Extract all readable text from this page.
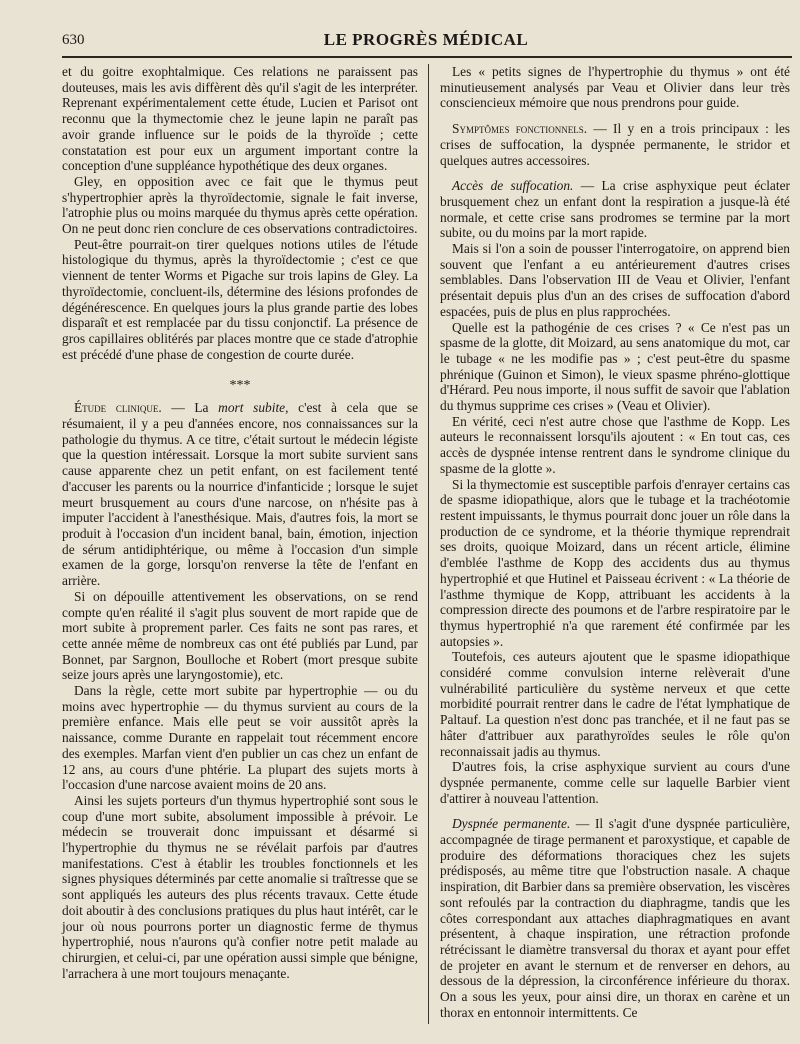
630	LE PROGRÈS MÉDICAL

et du goitre exophtalmique. Ces relations ne paraissent pas douteuses, mais les avis diffèrent dès qu'il s'agit de les interpréter. Reprenant expérimentalement cette étude, Lucien et Parisot ont reconnu que la thymectomie chez le jeune lapin ne paraît pas avoir grande influence sur le poids de la thyroïde ; cette constatation est pour eux un argument important contre la conception d'une suppléance hypothétique des deux organes.

Gley, en opposition avec ce fait que le thymus peut s'hypertrophier après la thyroïdectomie, signale le fait inverse, l'atrophie plus ou moins marquée du thymus après cette opération. On ne peut donc rien conclure de ces observations contradictoires.

Peut-être pourrait-on tirer quelques notions utiles de l'étude histologique du thymus, après la thyroïdectomie ; c'est ce que viennent de tenter Worms et Pigache sur trois lapins de Gley. La thyroïdectomie, concluent-ils, détermine des lésions profondes de dégénérescence. En quelques jours la plus grande partie des lobes disparaît et est remplacée par du tissu conjonctif. La présence de gros capillaires oblitérés par places montre que ce stade d'atrophie est précédé d'une phase de congestion de courte durée.

***

Étude clinique. — La mort subite, c'est à cela que se résumaient, il y a peu d'années encore, nos connaissances sur la pathologie du thymus. A ce titre, c'était surtout le médecin légiste que la question intéressait. Lorsque la mort subite survient sans cause apparente chez un petit enfant, on est facilement tenté d'accuser les parents ou la nourrice d'infanticide ; lorsque le sujet meurt brusquement au cours d'une narcose, on n'hésite pas à imputer l'accident à l'anesthésique. Mais, d'autres fois, la mort se produit à l'occasion d'un incident banal, bain, émotion, injection de sérum antidiphtérique, ou même à l'occasion d'un simple examen de la gorge, lorsqu'on renverse la tête de l'enfant en arrière.

Si on dépouille attentivement les observations, on se rend compte qu'en réalité il s'agit plus souvent de mort rapide que de mort subite à proprement parler. Ces faits ne sont pas rares, et cette année même de nombreux cas ont été publiés par Lund, par Bonnet, par Sargnon, Boulloche et Robert (mort presque subite seize jours après une laryngostomie), etc.

Dans la règle, cette mort subite par hypertrophie — ou du moins avec hypertrophie — du thymus survient au cours de la première enfance. Mais elle peut se voir aussitôt après la naissance, comme Durante en rappelait tout récemment encore des exemples. Marfan vient d'en publier un cas chez un enfant de 12 ans, au cours d'une phtérie. La plupart des sujets morts à l'occasion d'une narcose avaient moins de 20 ans.

Ainsi les sujets porteurs d'un thymus hypertrophié sont sous le coup d'une mort subite, absolument impossible à prévoir. Le médecin se trouverait donc impuissant et désarmé si l'hypertrophie du thymus ne se révélait parfois par d'autres manifestations. C'est à établir les troubles fonctionnels et les signes physiques déterminés par cette anomalie si traîtresse que se sont appliqués les auteurs des plus récents travaux. Cette étude doit aboutir à des conclusions pratiques du plus haut intérêt, car le jour où nous pourrons porter un diagnostic ferme de thymus hypertrophié, nous n'aurons qu'à confier notre petit malade au chirurgien, et celui-ci, par une opération aussi simple que bénigne, l'arrachera à une mort toujours menaçante.

Les « petits signes de l'hypertrophie du thymus » ont été minutieusement analysés par Veau et Olivier dans leur très consciencieux mémoire que nous prendrons pour guide.

Symptômes fonctionnels. — Il y en a trois principaux : les crises de suffocation, la dyspnée permanente, le stridor et quelques autres accessoires.

Accès de suffocation. — La crise asphyxique peut éclater brusquement chez un enfant dont la respiration a jusque-là été normale, et cette crise sans prodromes se termine par la mort subite, ou du moins par la mort rapide.

Mais si l'on a soin de pousser l'interrogatoire, on apprend bien souvent que l'enfant a eu antérieurement d'autres crises semblables. Dans l'observation III de Veau et Olivier, l'enfant présentait depuis plus d'un an des crises de suffocation d'abord espacées, puis de plus en plus rapprochées.

Quelle est la pathogénie de ces crises ? « Ce n'est pas un spasme de la glotte, dit Moizard, au sens anatomique du mot, car le tubage « ne les modifie pas » ; c'est peut-être du spasme phrénique (Guinon et Simon), le vieux spasme phréno-glottique d'Hérard. Peu nous importe, il nous suffit de savoir que l'ablation du thymus supprime ces crises » (Veau et Olivier).

En vérité, ceci n'est autre chose que l'asthme de Kopp. Les auteurs le reconnaissent lorsqu'ils ajoutent : « En tout cas, ces accès de dyspnée intense rentrent dans le syndrome clinique du spasme de la glotte ».

Si la thymectomie est susceptible parfois d'enrayer certains cas de spasme idiopathique, alors que le tubage et la trachéotomie restent impuissants, le thymus pourrait donc jouer un rôle dans la production de ce syndrome, et la théorie thymique reprendrait ses droits, quoique Moizard, dans un récent article, élimine d'emblée l'asthme de Kopp des accidents dus au thymus hypertrophié et que Hutinel et Paisseau écrivent : « La théorie de l'asthme thymique de Kopp, attribuant les accidents à la compression directe des poumons et de l'arbre respiratoire par le thymus hypertrophié n'a que rarement été confirmée par les autopsies ».

Toutefois, ces auteurs ajoutent que le spasme idiopathique considéré comme convulsion interne relèverait d'une vulnérabilité particulière du système nerveux et que cette morbidité pourrait rentrer dans le cadre de l'état lymphatique de Paltauf. La question n'est donc pas tranchée, et il ne faut pas se hâter d'attribuer aux parathyroïdes seules le rôle qu'on reconnaissait jadis au thymus.

D'autres fois, la crise asphyxique survient au cours d'une dyspnée permanente, comme celle sur laquelle Barbier vient d'attirer à nouveau l'attention.

Dyspnée permanente. — Il s'agit d'une dyspnée particulière, accompagnée de tirage permanent et paroxystique, et capable de produire des déformations thoraciques chez les sujets prédisposés, au même titre que l'obstruction nasale. A chaque inspiration, dit Barbier dans sa première observation, les viscères sont refoulés par la contraction du diaphragme, tandis que les côtes correspondant aux attaches diaphragmatiques en avant présentent, à chaque inspiration, une rétraction profonde rétrécissant le diamètre transversal du thorax et ayant pour effet de projeter en avant le sternum et de renverser en dehors, au dessous de la dépression, la circonférence inférieure du thorax. On a sous les yeux, pour ainsi dire, un thorax en carène et un thorax en entonnoir intermittents. Ce
